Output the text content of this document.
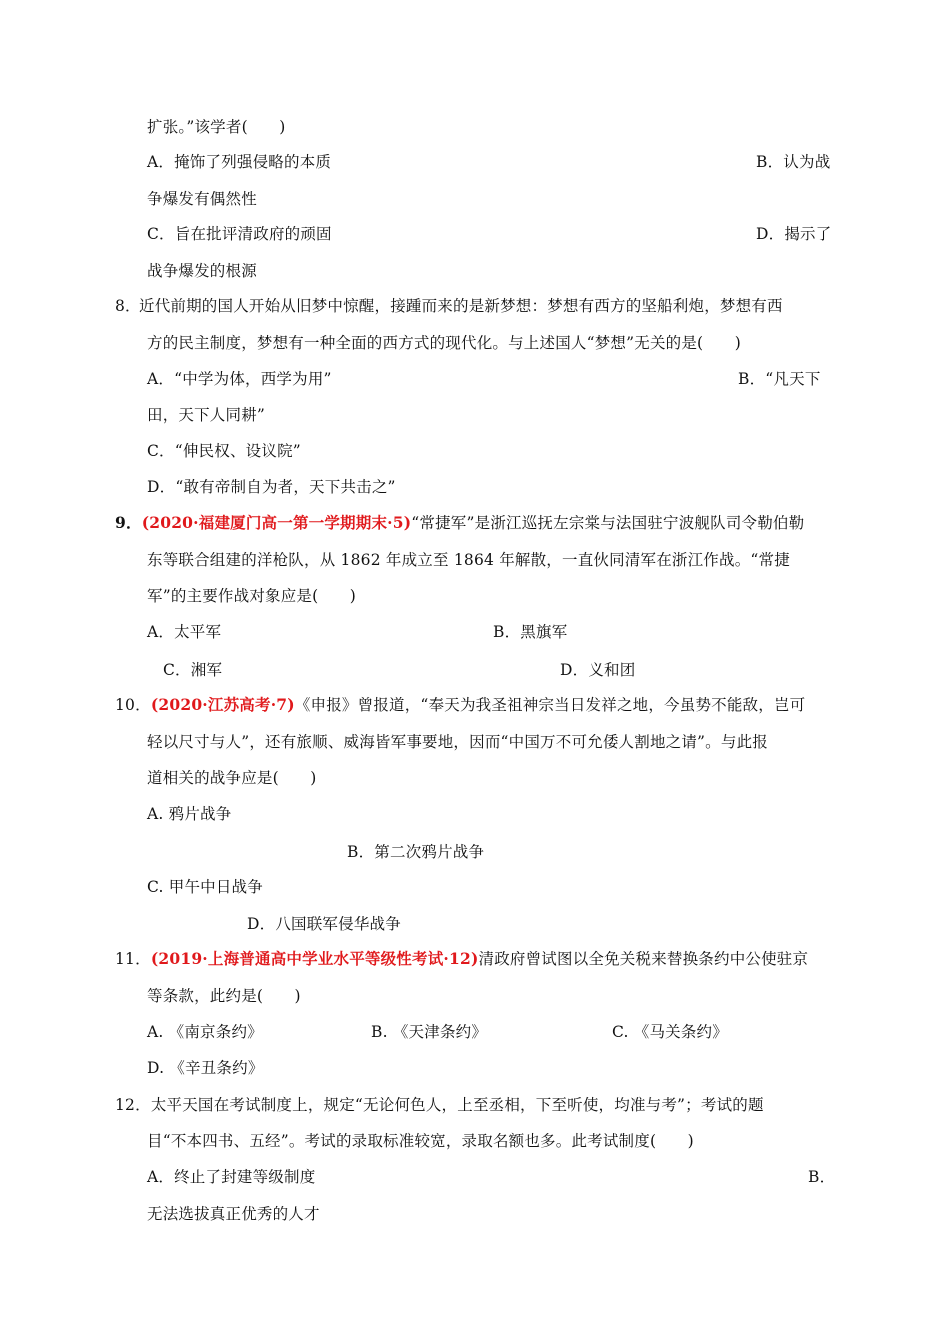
扩张。”该学者(　　)
A．掩饰了列强侵略的本质	B．认为战
争爆发有偶然性
C．旨在批评清政府的顽固	D．揭示了
战争爆发的根源
8．
近代前期的国人开始从旧梦中惊醒，接踵而来的是新梦想：梦想有西方的坚船利炮，梦想有西
方的民主制度，梦想有一种全面的西方式的现代化。与上述国人“梦想”无关的是(　　)
A．“中学为体，西学为用”	B．“凡天下
田，天下人同耕”
C．“伸民权、设议院”
D．“敢有帝制自为者，天下共击之”
9．(2020·福建厦门高一第一学期期末·5)“常捷军”是浙江巡抚左宗棠与法国驻宁波舰队司令勒伯勒
东等联合组建的洋枪队，从 1862 年成立至 1864 年解散，一直伙同清军在浙江作战。“常捷
军”的主要作战对象应是(　　)
A．太平军	B．黑旗军
C．湘军	D．义和团
10．(2020·江苏高考·7)《申报》曾报道，“奉天为我圣祖神宗当日发祥之地，今虽势不能敌，岂可
轻以尺寸与人”，还有旅顺、威海皆军事要地，因而“中国万不可允倭人割地之请”。与此报
道相关的战争应是(　　)
A. 鸦片战争
B．第二次鸦片战争
C. 甲午中日战争
D．八国联军侵华战争
11．(2019·上海普通高中学业水平等级性考试·12)清政府曾试图以全免关税来替换条约中公使驻京
等条款，此约是(　　)
A. 《南京条约》	B. 《天津条约》	C. 《马关条约》
D. 《辛丑条约》
12．太平天国在考试制度上，规定“无论何色人，上至丞相，下至听使，均准与考”；考试的题
目“不本四书、五经”。考试的录取标准较宽，录取名额也多。此考试制度(　　)
A．终止了封建等级制度	B．
无法选拔真正优秀的人才
